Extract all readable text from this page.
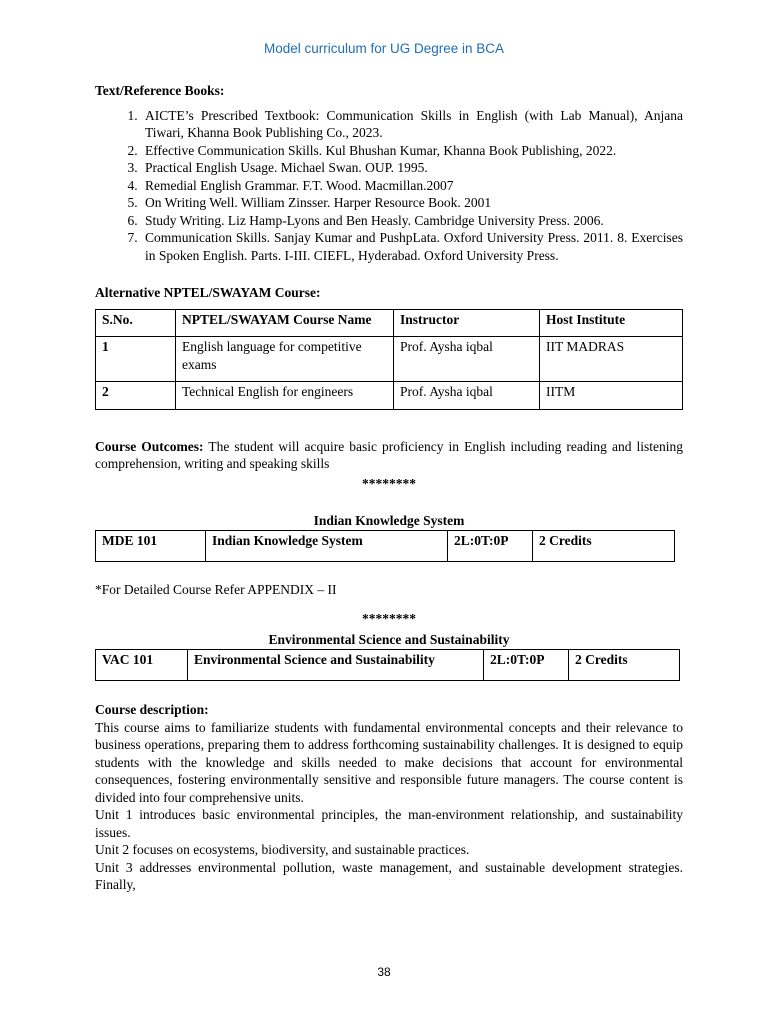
Model curriculum for UG Degree in BCA
Text/Reference Books:
1. AICTE’s Prescribed Textbook: Communication Skills in English (with Lab Manual), Anjana Tiwari, Khanna Book Publishing Co., 2023.
2. Effective Communication Skills. Kul Bhushan Kumar, Khanna Book Publishing, 2022.
3. Practical English Usage. Michael Swan. OUP. 1995.
4. Remedial English Grammar. F.T. Wood. Macmillan.2007
5. On Writing Well. William Zinsser. Harper Resource Book. 2001
6. Study Writing. Liz Hamp-Lyons and Ben Heasly. Cambridge University Press. 2006.
7. Communication Skills. Sanjay Kumar and PushpLata. Oxford University Press. 2011. 8. Exercises in Spoken English. Parts. I-III. CIEFL, Hyderabad. Oxford University Press.
Alternative NPTEL/SWAYAM Course:
S.No.	NPTEL/SWAYAM Course Name	Instructor	Host Institute
1	English language for competitive exams	Prof. Aysha iqbal	IIT MADRAS
2	Technical English for engineers	Prof. Aysha iqbal	IITM
Course Outcomes: The student will acquire basic proficiency in English including reading and listening comprehension, writing and speaking skills
********
Indian Knowledge System
MDE 101	Indian Knowledge System	2L:0T:0P	2 Credits
*For Detailed Course Refer APPENDIX – II
********
Environmental Science and Sustainability
VAC 101	Environmental Science and Sustainability	2L:0T:0P	2 Credits
Course description:
This course aims to familiarize students with fundamental environmental concepts and their relevance to business operations, preparing them to address forthcoming sustainability challenges. It is designed to equip students with the knowledge and skills needed to make decisions that account for environmental consequences, fostering environmentally sensitive and responsible future managers. The course content is divided into four comprehensive units.
Unit 1 introduces basic environmental principles, the man-environment relationship, and sustainability issues.
Unit 2 focuses on ecosystems, biodiversity, and sustainable practices.
Unit 3 addresses environmental pollution, waste management, and sustainable development strategies. Finally,
38
